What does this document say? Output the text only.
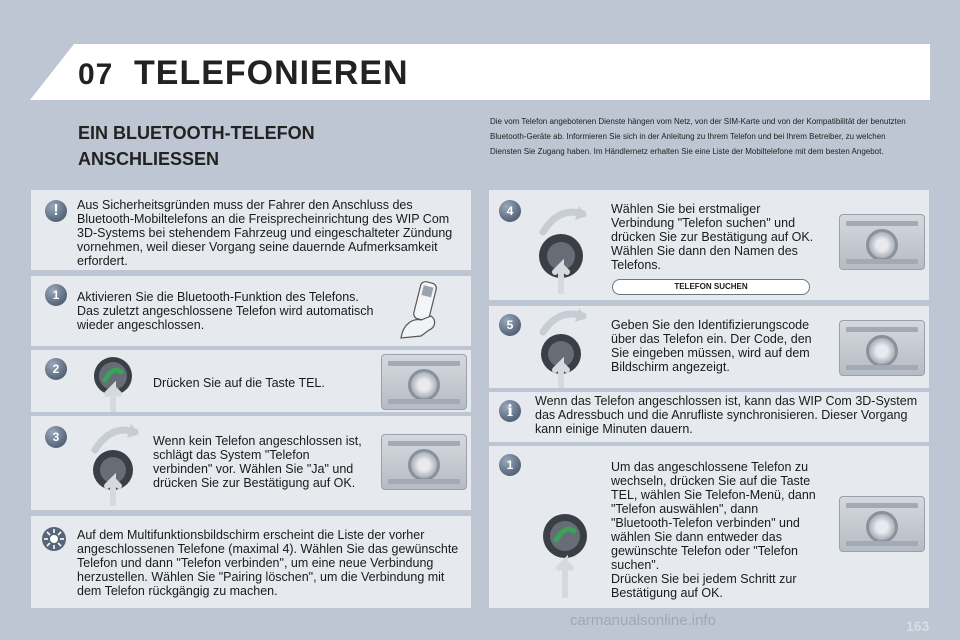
07 TELEFONIEREN
EIN BLUETOOTH-TELEFON ANSCHLIESSEN
Die vom Telefon angebotenen Dienste hängen vom Netz, von der SIM-Karte und von der Kompatibilität der benutzten Bluetooth-Geräte ab. Informieren Sie sich in der Anleitung zu Ihrem Telefon und bei Ihrem Betreiber, zu welchen Diensten Sie Zugang haben. Im Händlernetz erhalten Sie eine Liste der Mobiltelefone mit dem besten Angebot.
!	Aus Sicherheitsgründen muss der Fahrer den Anschluss des Bluetooth-Mobiltelefons an die Freisprecheinrichtung des WIP Com 3D-Systems bei stehendem Fahrzeug und eingeschalteter Zündung vornehmen, weil dieser Vorgang seine dauernde Aufmerksamkeit erfordert.
1	Aktivieren Sie die Bluetooth-Funktion des Telefons. Das zuletzt angeschlossene Telefon wird automatisch wieder angeschlossen.
2
Drücken Sie auf die Taste TEL.
3	Wenn kein Telefon angeschlossen ist, schlägt das System "Telefon verbinden" vor. Wählen Sie "Ja" und drücken Sie zur Bestätigung auf OK.
Auf dem Multifunktionsbildschirm erscheint die Liste der vorher angeschlossenen Telefone (maximal 4). Wählen Sie das gewünschte Telefon und dann "Telefon verbinden", um eine neue Verbindung herzustellen. Wählen Sie "Pairing löschen", um die Verbindung mit dem Telefon rückgängig zu machen.
4	Wählen Sie bei erstmaliger Verbindung "Telefon suchen" und drücken Sie zur Bestätigung auf OK. Wählen Sie dann den Namen des Telefons.
TELEFON SUCHEN
5	Geben Sie den Identifizierungscode über das Telefon ein. Der Code, den Sie eingeben müssen, wird auf dem Bildschirm angezeigt.
i	Wenn das Telefon angeschlossen ist, kann das WIP Com 3D-System das Adressbuch und die Anrufliste synchronisieren. Dieser Vorgang kann einige Minuten dauern.
1	Um das angeschlossene Telefon zu wechseln, drücken Sie auf die Taste TEL, wählen Sie Telefon-Menü, dann "Telefon auswählen", dann "Bluetooth-Telefon verbinden" und wählen Sie dann entweder das gewünschte Telefon oder "Telefon suchen".
Drücken Sie bei jedem Schritt zur Bestätigung auf OK.
carmanualsonline.info	163
